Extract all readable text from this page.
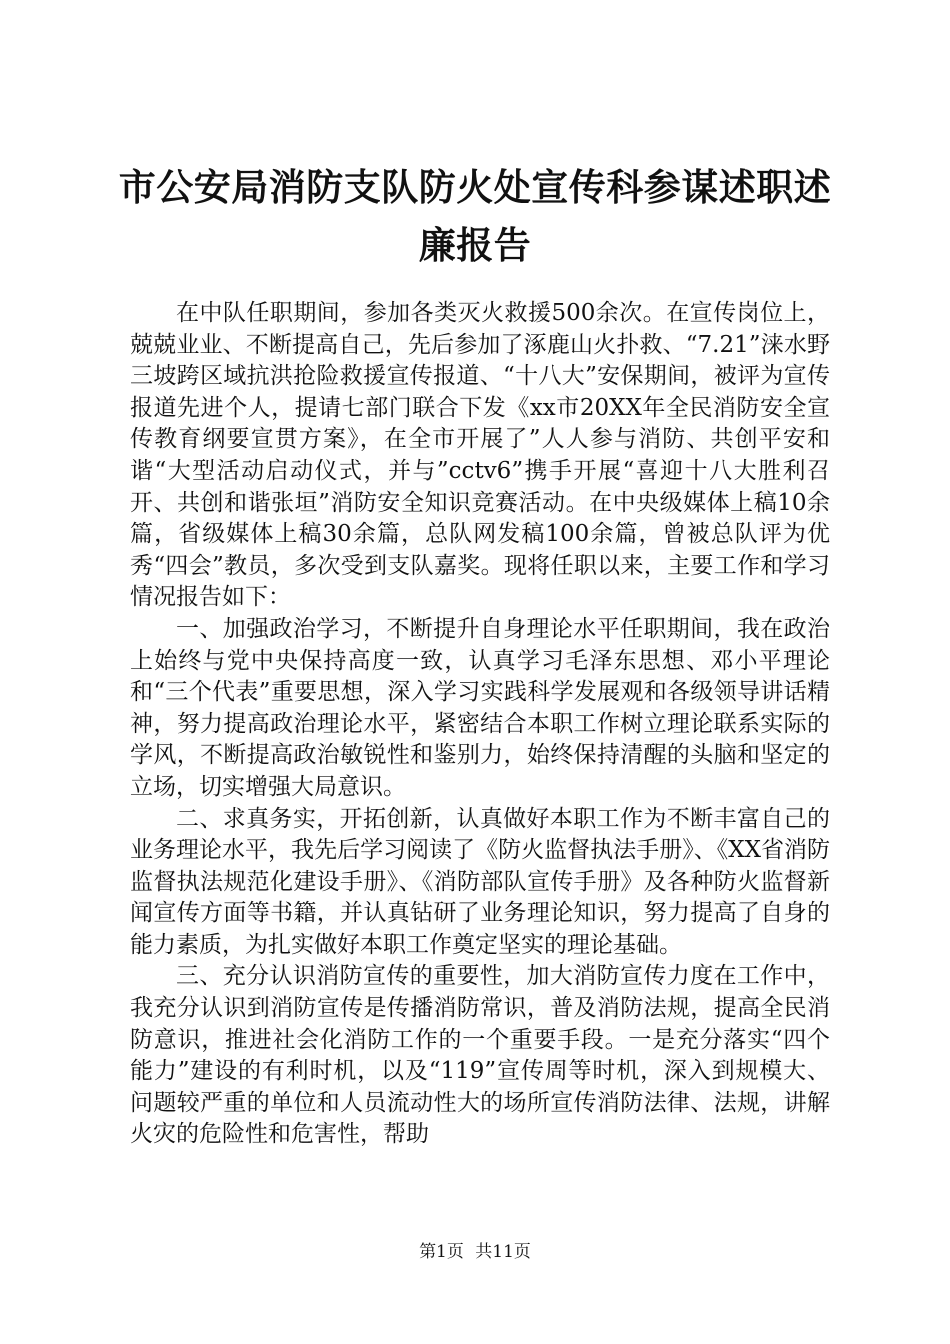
市公安局消防支队防火处宣传科参谋述职述廉报告

在中队任职期间，参加各类灭火救援500余次。在宣传岗位上，兢兢业业、不断提高自己，先后参加了涿鹿山火扑救、“7.21”涞水野三坡跨区域抗洪抢险救援宣传报道、“十八大”安保期间，被评为宣传报道先进个人，提请七部门联合下发《xx市20XX年全民消防安全宣传教育纲要宣贯方案》，在全市开展了”人人参与消防、共创平安和谐“大型活动启动仪式，并与”cctv6”携手开展“喜迎十八大胜利召开、共创和谐张垣”消防安全知识竞赛活动。在中央级媒体上稿10余篇，省级媒体上稿30余篇，总队网发稿100余篇，曾被总队评为优秀“四会”教员，多次受到支队嘉奖。现将任职以来，主要工作和学习情况报告如下：

一、加强政治学习，不断提升自身理论水平任职期间，我在政治上始终与党中央保持高度一致，认真学习毛泽东思想、邓小平理论和“三个代表”重要思想，深入学习实践科学发展观和各级领导讲话精神，努力提高政治理论水平，紧密结合本职工作树立理论联系实际的学风，不断提高政治敏锐性和鉴别力，始终保持清醒的头脑和坚定的立场，切实增强大局意识。

二、求真务实，开拓创新，认真做好本职工作为不断丰富自己的业务理论水平，我先后学习阅读了《防火监督执法手册》、《XX省消防监督执法规范化建设手册》、《消防部队宣传手册》及各种防火监督新闻宣传方面等书籍，并认真钻研了业务理论知识，努力提高了自身的能力素质，为扎实做好本职工作奠定坚实的理论基础。

三、充分认识消防宣传的重要性，加大消防宣传力度在工作中，我充分认识到消防宣传是传播消防常识，普及消防法规，提高全民消防意识，推进社会化消防工作的一个重要手段。一是充分落实“四个能力”建设的有利时机，以及“119”宣传周等时机，深入到规模大、问题较严重的单位和人员流动性大的场所宣传消防法律、法规，讲解火灾的危险性和危害性，帮助

第1页 共11页
